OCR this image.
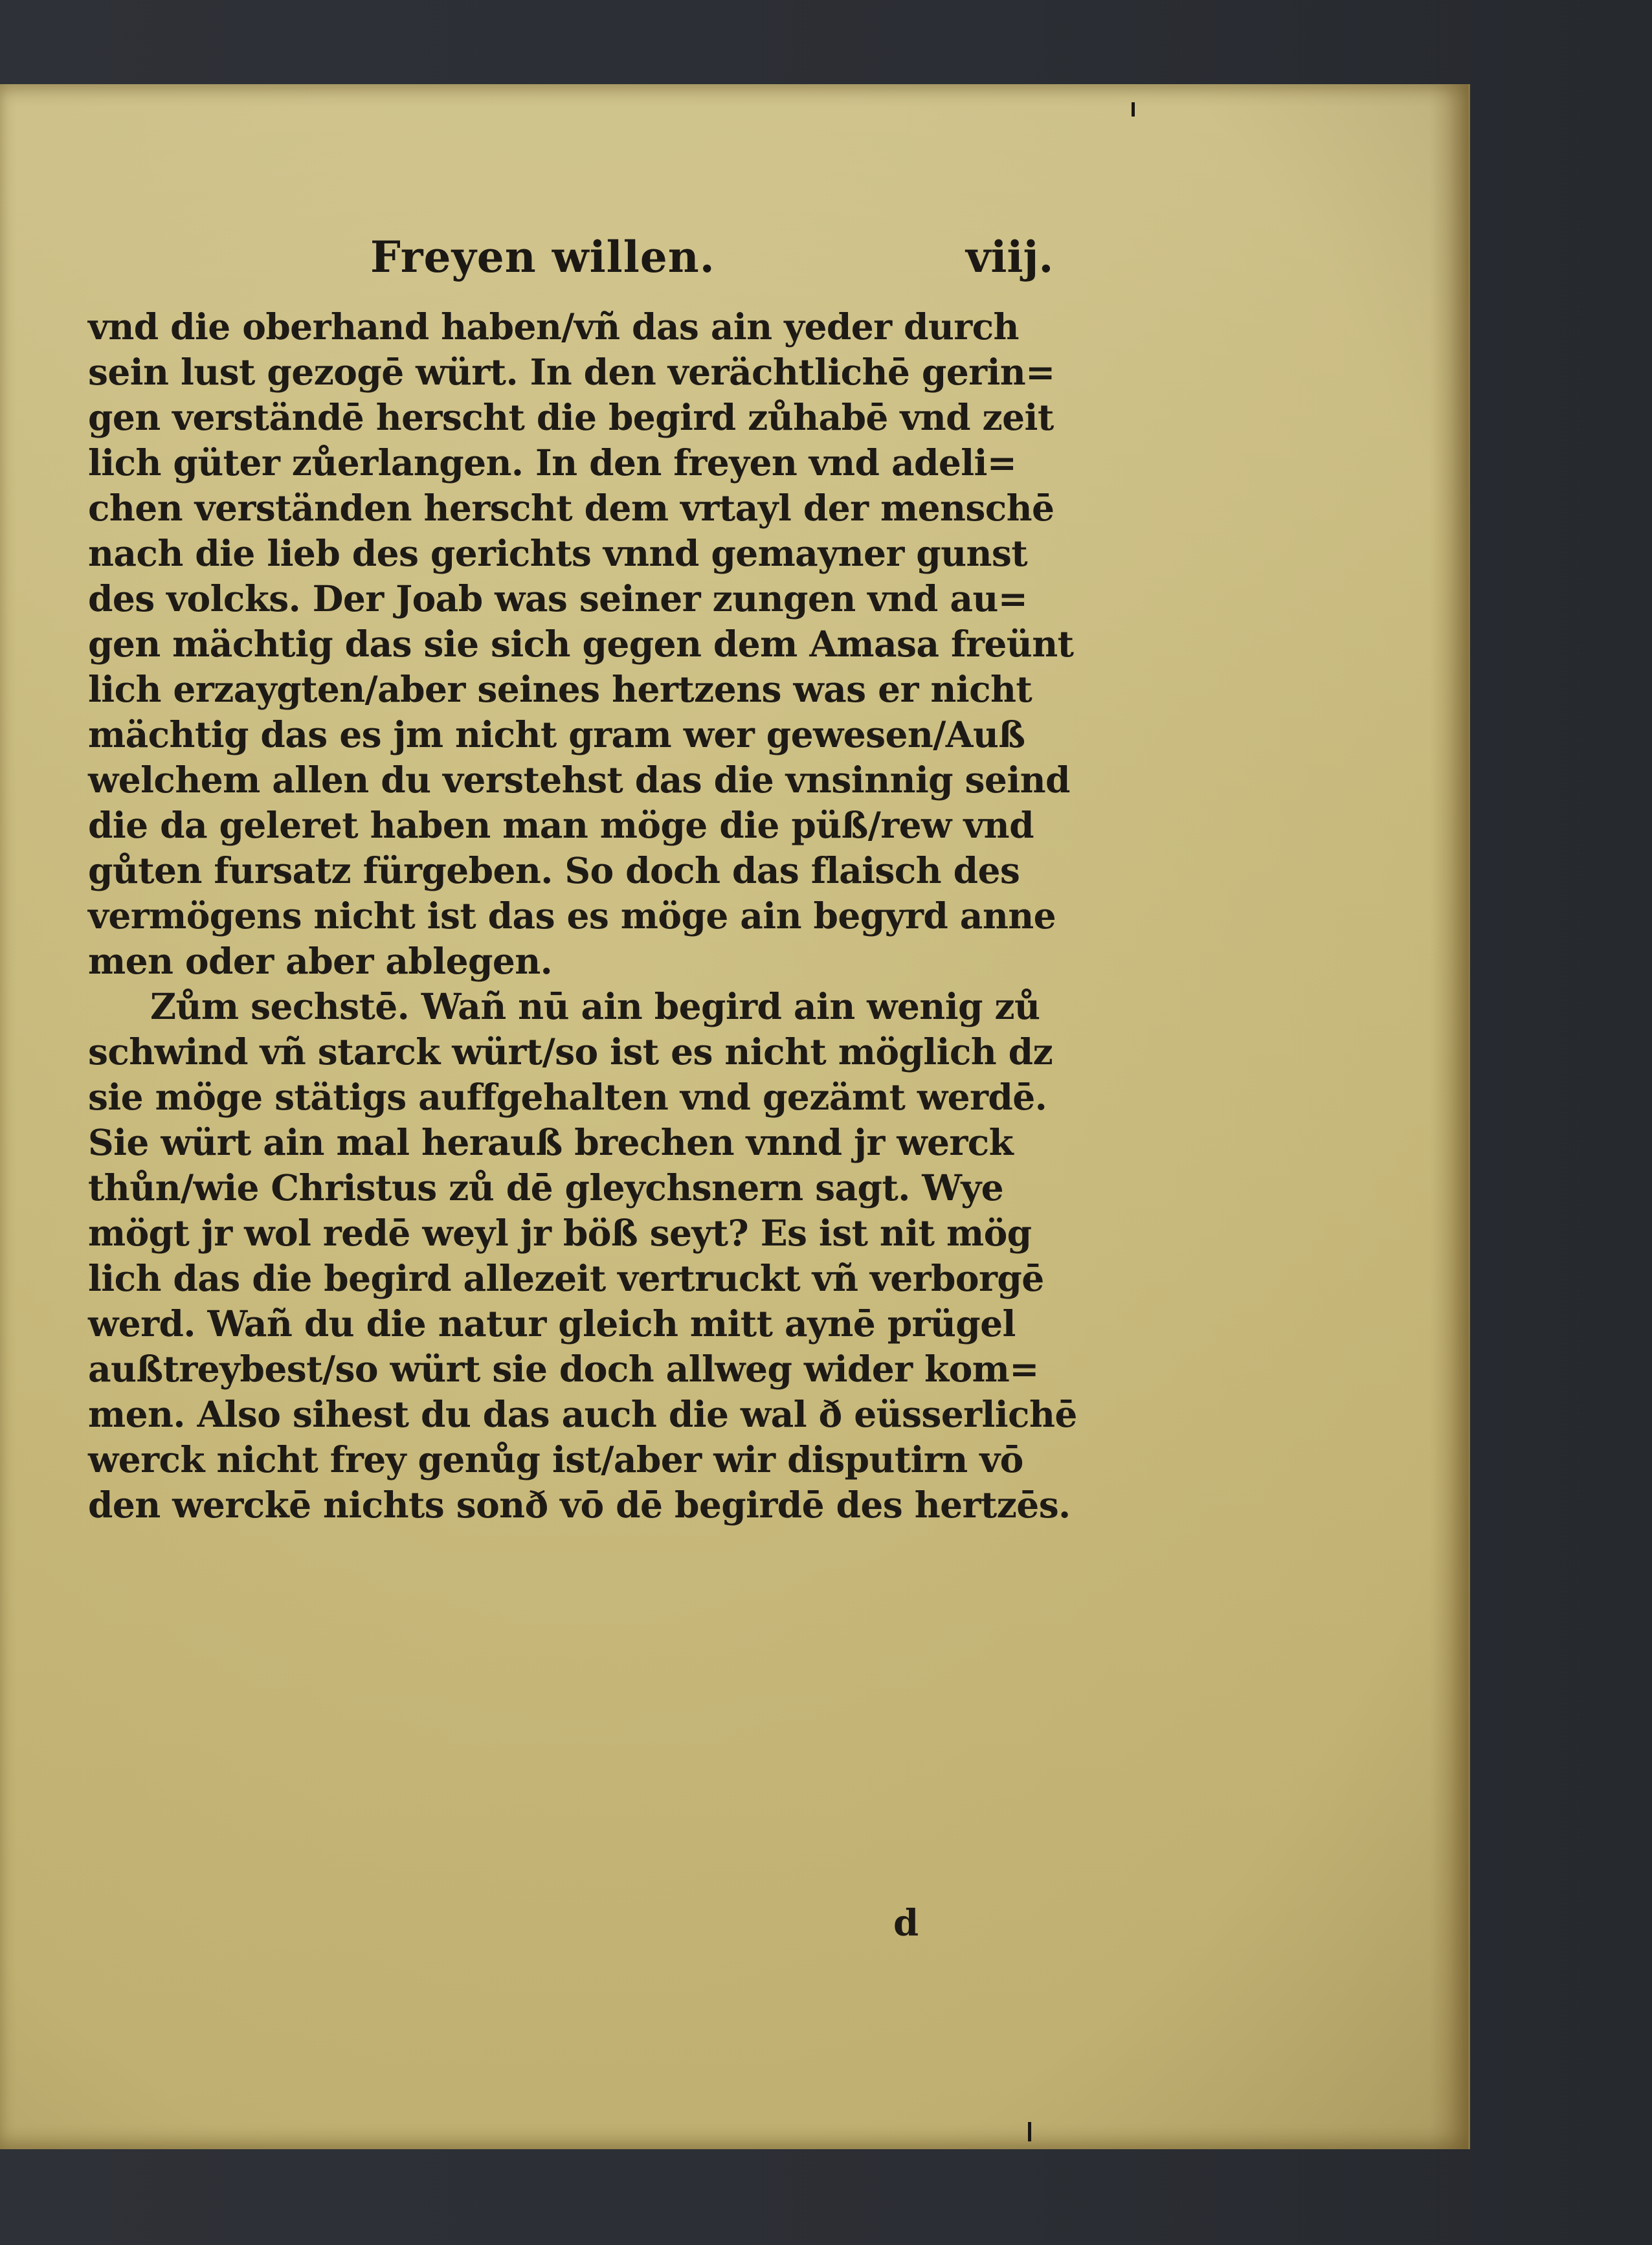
Freyen willen.	viij.
vnd die oberhand haben/vñ das ain yeder durch
sein lust gezogē würt. In den verächtlichē gerin=
gen verständē herscht die begird zůhabē vnd zeit
lich güter zůerlangen. In den freyen vnd adeli=
chen verständen herscht dem vrtayl der menschē
nach die lieb des gerichts vnnd gemayner gunst
des volcks. Der Joab was seiner zungen vnd au=
gen mächtig das sie sich gegen dem Amasa freünt
lich erzaygten/aber seines hertzens was er nicht
mächtig das es jm nicht gram wer gewesen/Auß
welchem allen du verstehst das die vnsinnig seind
die da geleret haben man möge die püß/rew vnd
gůten fursatz fürgeben. So doch das flaisch des
vermögens nicht ist das es möge ain begyrd anne
men oder aber ablegen.
Zům sechstē. Wañ nū ain begird ain wenig zů
schwind vñ starck würt/so ist es nicht möglich dz
sie möge stätigs auffgehalten vnd gezämt werdē.
Sie würt ain mal herauß brechen vnnd jr werck
thůn/wie Christus zů dē gleychsnern sagt. Wye
mögt jr wol redē weyl jr böß seyt? Es ist nit mög
lich das die begird allezeit vertruckt vñ verborgē
werd. Wañ du die natur gleich mitt aynē prügel
außtreybest/so würt sie doch allweg wider kom=
men. Also sihest du das auch die wal ð eüsserlichē
werck nicht frey genůg ist/aber wir disputirn vō
den werckē nichts sonð vō dē begirdē des hertzēs.
d
